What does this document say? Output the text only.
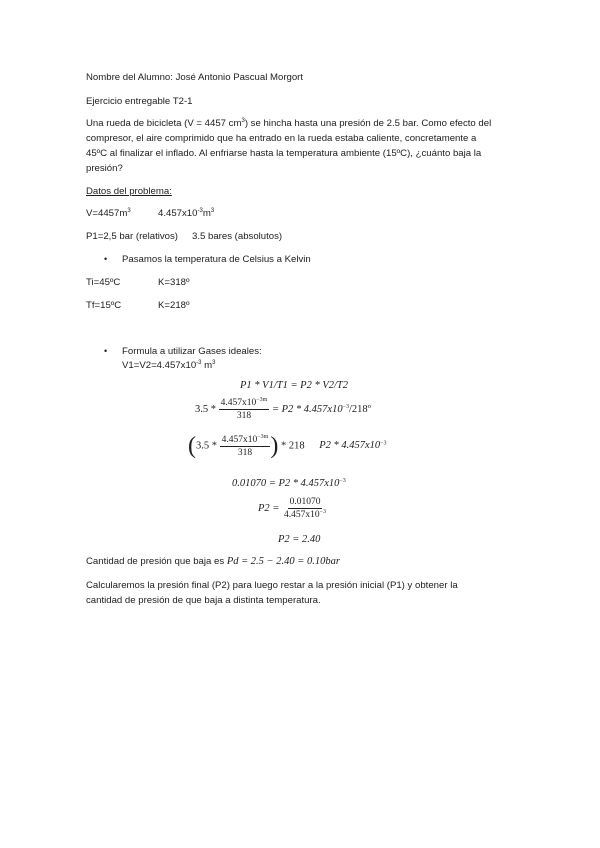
Nombre del Alumno: José Antonio Pascual Morgort
Ejercicio entregable T2-1
Una rueda de bicicleta (V = 4457 $cm^3$) se hincha hasta una presión de 2.5 bar. Como efecto del
compresor, el aire comprimido que ha entrado en la rueda estaba caliente, concretamente a
45ºC al finalizar el inflado. Al enfriarse hasta la temperatura ambiente (15ºC), ¿cuánto baja la
presión?
Datos del problema:
$V=4457m^3$	$4.457x10^{-3}m^3$
P1=2,5 bar (relativos) 3.5 bares (absolutos)
• Pasamos la temperatura de Celsius a Kelvin
Ti=45ºC	K=318º
Tf=15ºC	K=218º
• Formula a utilizar Gases ideales:
$V1=V2=4.457x10^{-3}$ $m^3$
P1 * V1/T1 = P2 * V2/T2
$3.5 * \frac{4.457x10^{-3m}}{318} = P2$ * $4.457x10^{-3}/218º$
($3.5 * \frac{4.457x10^{-3m}}{318}$ ) * 218 $P2 * 4.457x10^{-3}$
$0.01070 = P2 * 4.457x10^{-3}$
$P2 = \frac{0.01070}{4.457x10^{-3}}$
P2 = 2.40
Cantidad de presión que baja es Pd = 2.5 − 2.40 = 0.10bar
Calcularemos la presión final (P2) para luego restar a la presión inicial (P1) y obtener la
cantidad de presión de que baja a distinta temperatura.
